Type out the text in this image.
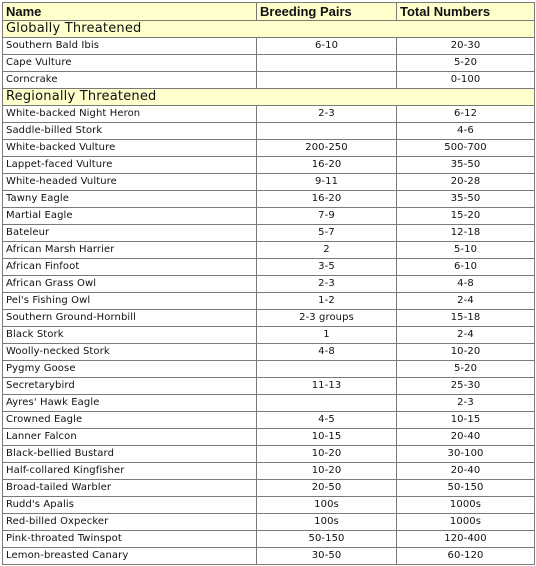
Name	Breeding Pairs	Total Numbers
Globally Threatened		
Southern Bald Ibis	6-10	20-30
Cape Vulture		5-20
Corncrake		0-100
Regionally Threatened		
White-backed Night Heron	2-3	6-12
Saddle-billed Stork		4-6
White-backed Vulture	200-250	500-700
Lappet-faced Vulture	16-20	35-50
White-headed Vulture	9-11	20-28
Tawny Eagle	16-20	35-50
Martial Eagle	7-9	15-20
Bateleur	5-7	12-18
African Marsh Harrier	2	5-10
African Finfoot	3-5	6-10
African Grass Owl	2-3	4-8
Pel's Fishing Owl	1-2	2-4
Southern Ground-Hornbill	2-3 groups	15-18
Black Stork	1	2-4
Woolly-necked Stork	4-8	10-20
Pygmy Goose		5-20
Secretarybird	11-13	25-30
Ayres' Hawk Eagle		2-3
Crowned Eagle	4-5	10-15
Lanner Falcon	10-15	20-40
Black-bellied Bustard	10-20	30-100
Half-collared Kingfisher	10-20	20-40
Broad-tailed Warbler	20-50	50-150
Rudd's Apalis	100s	1000s
Red-billed Oxpecker	100s	1000s
Pink-throated Twinspot	50-150	120-400
Lemon-breasted Canary	30-50	60-120
